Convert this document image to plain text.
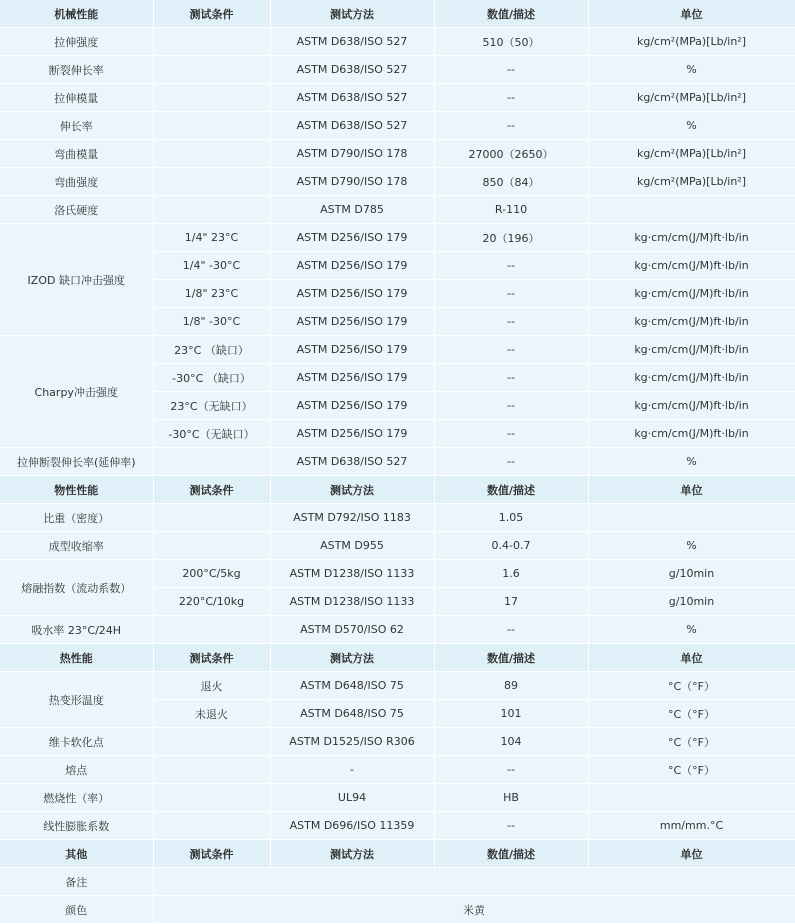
机械性能	测试条件	测试方法	数值/描述	单位
拉伸强度		ASTM D638/ISO 527	510（50）	kg/cm²(MPa)[Lb/in²]
断裂伸长率		ASTM D638/ISO 527	--	%
拉伸模量		ASTM D638/ISO 527	--	kg/cm²(MPa)[Lb/in²]
伸长率		ASTM D638/ISO 527	--	%
弯曲模量		ASTM D790/ISO 178	27000（2650）	kg/cm²(MPa)[Lb/in²]
弯曲强度		ASTM D790/ISO 178	850（84）	kg/cm²(MPa)[Lb/in²]
洛氏硬度		ASTM D785	R-110	
IZOD 缺口冲击强度	1/4" 23°C	ASTM D256/ISO 179	20（196）	kg·cm/cm(J/M)ft·lb/in
	1/4" -30°C	ASTM D256/ISO 179	--	kg·cm/cm(J/M)ft·lb/in
	1/8" 23°C	ASTM D256/ISO 179	--	kg·cm/cm(J/M)ft·lb/in
	1/8" -30°C	ASTM D256/ISO 179	--	kg·cm/cm(J/M)ft·lb/in
Charpy冲击强度	23°C （缺口）	ASTM D256/ISO 179	--	kg·cm/cm(J/M)ft·lb/in
	-30°C （缺口）	ASTM D256/ISO 179	--	kg·cm/cm(J/M)ft·lb/in
	23°C（无缺口）	ASTM D256/ISO 179	--	kg·cm/cm(J/M)ft·lb/in
	-30°C（无缺口）	ASTM D256/ISO 179	--	kg·cm/cm(J/M)ft·lb/in
拉伸断裂伸长率(延伸率)		ASTM D638/ISO 527	--	%
物性性能	测试条件	测试方法	数值/描述	单位
比重（密度）		ASTM D792/ISO 1183	1.05	
成型收缩率		ASTM D955	0.4-0.7	%
熔融指数（流动系数）	200°C/5kg	ASTM D1238/ISO 1133	1.6	g/10min
	220°C/10kg	ASTM D1238/ISO 1133	17	g/10min
吸水率 23°C/24H		ASTM D570/ISO 62	--	%
热性能	测试条件	测试方法	数值/描述	单位
热变形温度	退火	ASTM D648/ISO 75	89	°C（°F）
	未退火	ASTM D648/ISO 75	101	°C（°F）
维卡软化点		ASTM D1525/ISO R306	104	°C（°F）
熔点		-	--	°C（°F）
燃烧性（率）		UL94	HB	
线性膨胀系数		ASTM D696/ISO 11359	--	mm/mm.°C
其他	测试条件	测试方法	数值/描述	单位
备注				
颜色	米黄			
